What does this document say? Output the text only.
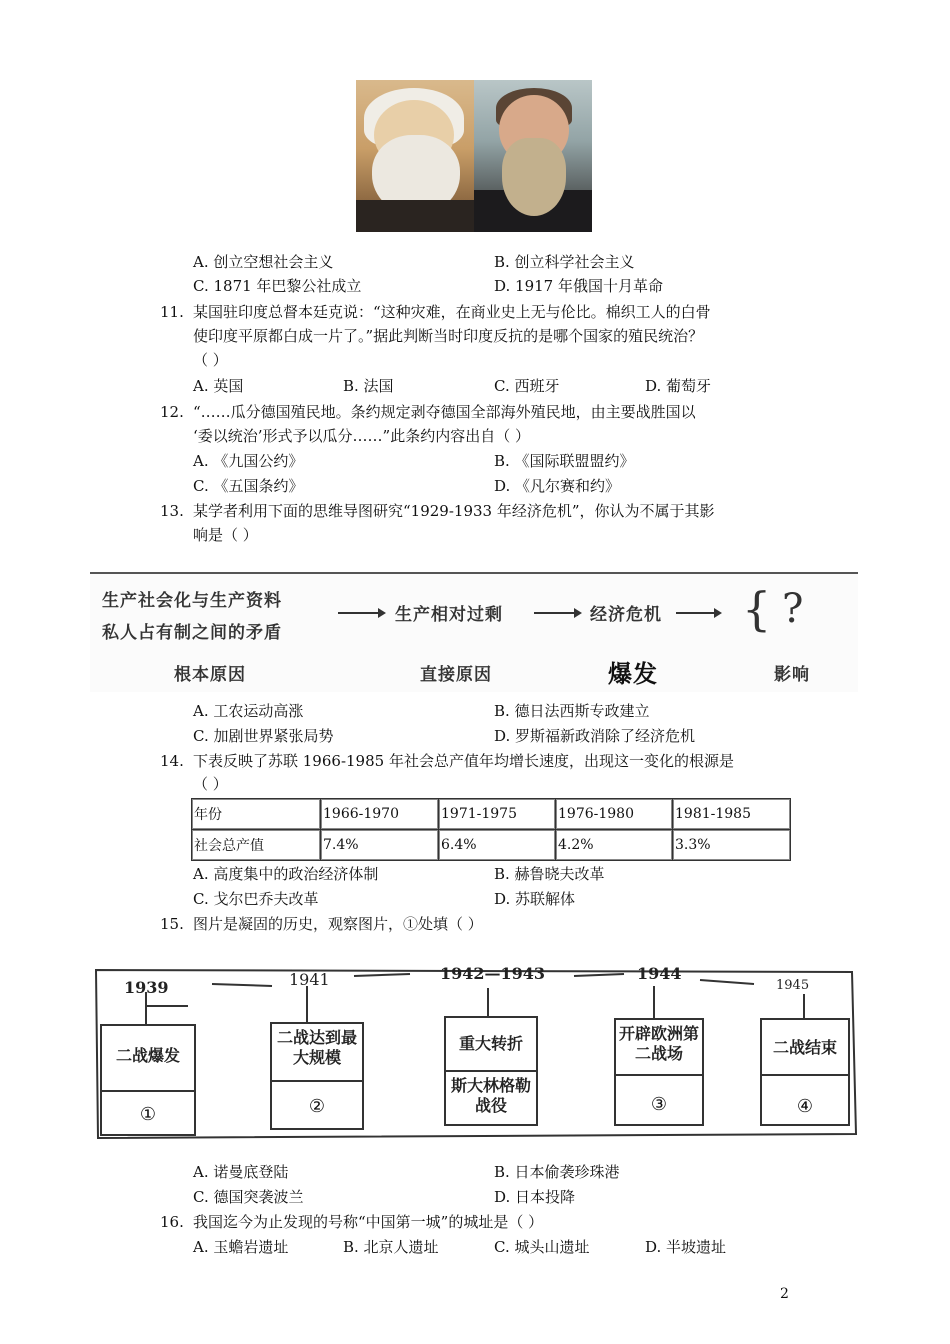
A. 创立空想社会主义	B. 创立科学社会主义
C. 1871 年巴黎公社成立	D. 1917 年俄国十月革命
11. 某国驻印度总督本廷克说：“这种灾难，在商业史上无与伦比。棉织工人的白骨
使印度平原都白成一片了。”据此判断当时印度反抗的是哪个国家的殖民统治？
（ ）
A. 英国	B. 法国	C. 西班牙	D. 葡萄牙
12. “……瓜分德国殖民地。条约规定剥夺德国全部海外殖民地，由主要战胜国以
‘委以统治’形式予以瓜分……”此条约内容出自（ ）
A. 《九国公约》	B. 《国际联盟盟约》
C. 《五国条约》	D. 《凡尔赛和约》
13. 某学者利用下面的思维导图研究“1929-1933 年经济危机”，你认为不属于其影
响是（ ）
生产社会化与生产资料
私人占有制之间的矛盾
生产相对过剩	经济危机 { ?
根本原因	直接原因	爆发	影响
A. 工农运动高涨	B. 德日法西斯专政建立
C. 加剧世界紧张局势	D. 罗斯福新政消除了经济危机
14. 下表反映了苏联 1966-1985 年社会总产值年均增长速度，出现这一变化的根源是
（ ）
年份	1966-1970	1971-1975	1976-1980	1981-1985
社会总产值	7.4%	6.4%	4.2%	3.3%
A. 高度集中的政治经济体制	B. 赫鲁晓夫改革
C. 戈尔巴乔夫改革	D. 苏联解体
15. 图片是凝固的历史，观察图片，①处填（ ）
1939	1941	1942—1943	1944
1945
二战爆发
①
二战达到最大规模
②
重大转折
斯大林格勒战役
开辟欧洲第二战场
③
二战结束
④
A. 诺曼底登陆	B. 日本偷袭珍珠港
C. 德国突袭波兰	D. 日本投降
16. 我国迄今为止发现的号称“中国第一城”的城址是（ ）
A. 玉蟾岩遗址	B. 北京人遗址	C. 城头山遗址	D. 半坡遗址
2
